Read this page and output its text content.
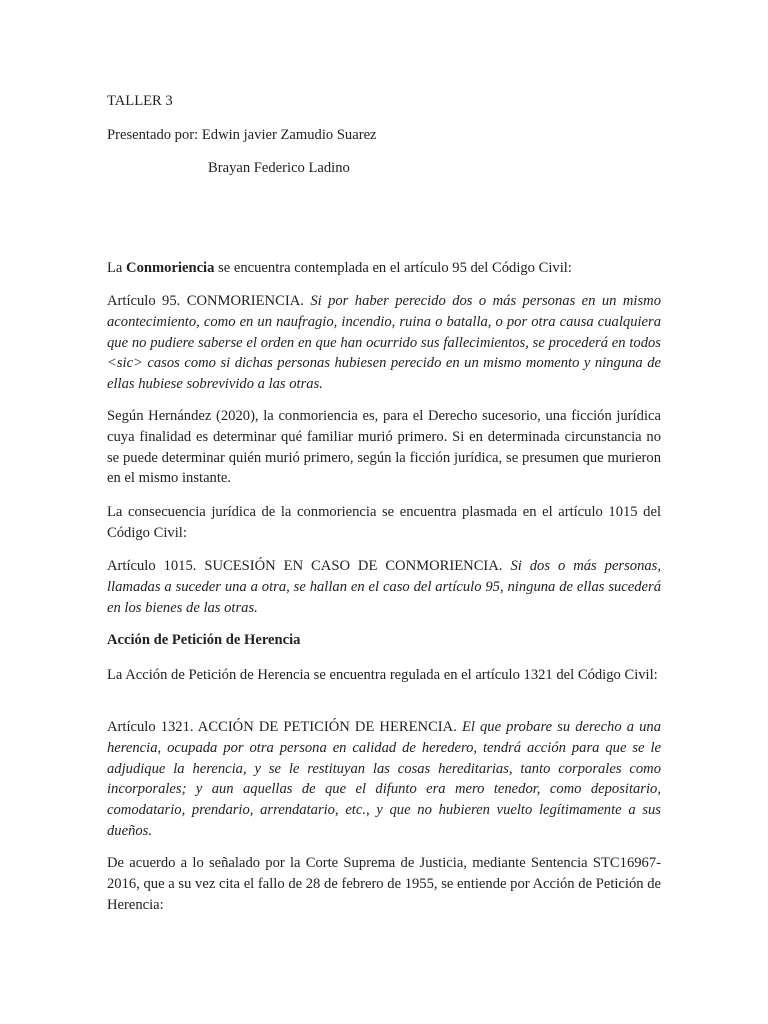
TALLER 3
Presentado por: Edwin javier Zamudio Suarez
Brayan Federico Ladino

La Conmoriencia se encuentra contemplada en el artículo 95 del Código Civil:

Artículo 95. CONMORIENCIA. Si por haber perecido dos o más personas en un mismo acontecimiento, como en un naufragio, incendio, ruina o batalla, o por otra causa cualquiera que no pudiere saberse el orden en que han ocurrido sus fallecimientos, se procederá en todos <sic> casos como si dichas personas hubiesen perecido en un mismo momento y ninguna de ellas hubiese sobrevivido a las otras.

Según Hernández (2020), la conmoriencia es, para el Derecho sucesorio, una ficción jurídica cuya finalidad es determinar qué familiar murió primero. Si en determinada circunstancia no se puede determinar quién murió primero, según la ficción jurídica, se presumen que murieron en el mismo instante.

La consecuencia jurídica de la conmoriencia se encuentra plasmada en el artículo 1015 del Código Civil:

Artículo 1015. SUCESIÓN EN CASO DE CONMORIENCIA. Si dos o más personas, llamadas a suceder una a otra, se hallan en el caso del artículo 95, ninguna de ellas sucederá en los bienes de las otras.

Acción de Petición de Herencia

La Acción de Petición de Herencia se encuentra regulada en el artículo 1321 del Código Civil:

Artículo 1321. ACCIÓN DE PETICIÓN DE HERENCIA. El que probare su derecho a una herencia, ocupada por otra persona en calidad de heredero, tendrá acción para que se le adjudique la herencia, y se le restituyan las cosas hereditarias, tanto corporales como incorporales; y aun aquellas de que el difunto era mero tenedor, como depositario, comodatario, prendario, arrendatario, etc., y que no hubieren vuelto legítimamente a sus dueños.

De acuerdo a lo señalado por la Corte Suprema de Justicia, mediante Sentencia STC16967-2016, que a su vez cita el fallo de 28 de febrero de 1955, se entiende por Acción de Petición de Herencia:
